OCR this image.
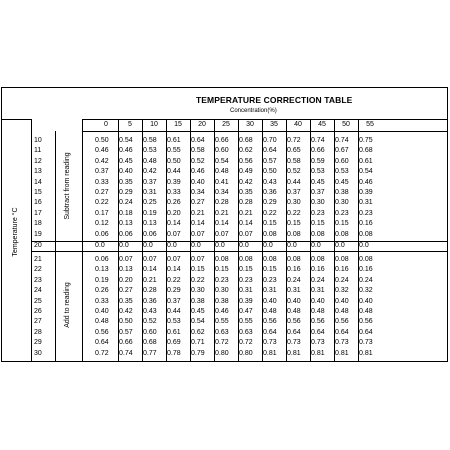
TEMPERATURE CORRECTION TABLE
Concentration(%)
Temperature °C
Subtract from reading
Add to reading
0	5	10	15	20	25	30	35	40	45	50	55
10	0.50	0.54	0.58	0.61	0.64	0.66	0.68	0.70	0.72	0.74	0.74	0.75
11	0.46	0.46	0.53	0.55	0.58	0.60	0.62	0.64	0.65	0.66	0.67	0.68
12	0.42	0.45	0.48	0.50	0.52	0.54	0.56	0.57	0.58	0.59	0.60	0.61
13	0.37	0.40	0.42	0.44	0.46	0.48	0.49	0.50	0.52	0.53	0.53	0.54
14	0.33	0.35	0.37	0.39	0.40	0.41	0.42	0.43	0.44	0.45	0.45	0.46
15	0.27	0.29	0.31	0.33	0.34	0.34	0.35	0.36	0.37	0.37	0.38	0.39
16	0.22	0.24	0.25	0.26	0.27	0.28	0.28	0.29	0.30	0.30	0.30	0.31
17	0.17	0.18	0.19	0.20	0.21	0.21	0.21	0.22	0.22	0.23	0.23	0.23
18	0.12	0.13	0.13	0.14	0.14	0.14	0.14	0.15	0.15	0.15	0.15	0.16
19	0.06	0.06	0.06	0.07	0.07	0.07	0.07	0.08	0.08	0.08	0.08	0.08
20	0.0	0.0	0.0	0.0	0.0	0.0	0.0	0.0	0.0	0.0	0.0	0.0
21	0.06	0.07	0.07	0.07	0.07	0.08	0.08	0.08	0.08	0.08	0.08	0.08
22	0.13	0.13	0.14	0.14	0.15	0.15	0.15	0.15	0.16	0.16	0.16	0.16
23	0.19	0.20	0.21	0.22	0.22	0.23	0.23	0.23	0.24	0.24	0.24	0.24
24	0.26	0.27	0.28	0.29	0.30	0.30	0.31	0.31	0.31	0.31	0.32	0.32
25	0.33	0.35	0.36	0.37	0.38	0.38	0.39	0.40	0.40	0.40	0.40	0.40
26	0.40	0.42	0.43	0.44	0.45	0.46	0.47	0.48	0.48	0.48	0.48	0.48
27	0.48	0.50	0.52	0.53	0.54	0.55	0.55	0.56	0.56	0.56	0.56	0.56
28	0.56	0.57	0.60	0.61	0.62	0.63	0.63	0.64	0.64	0.64	0.64	0.64
29	0.64	0.66	0.68	0.69	0.71	0.72	0.72	0.73	0.73	0.73	0.73	0.73
30	0.72	0.74	0.77	0.78	0.79	0.80	0.80	0.81	0.81	0.81	0.81	0.81
